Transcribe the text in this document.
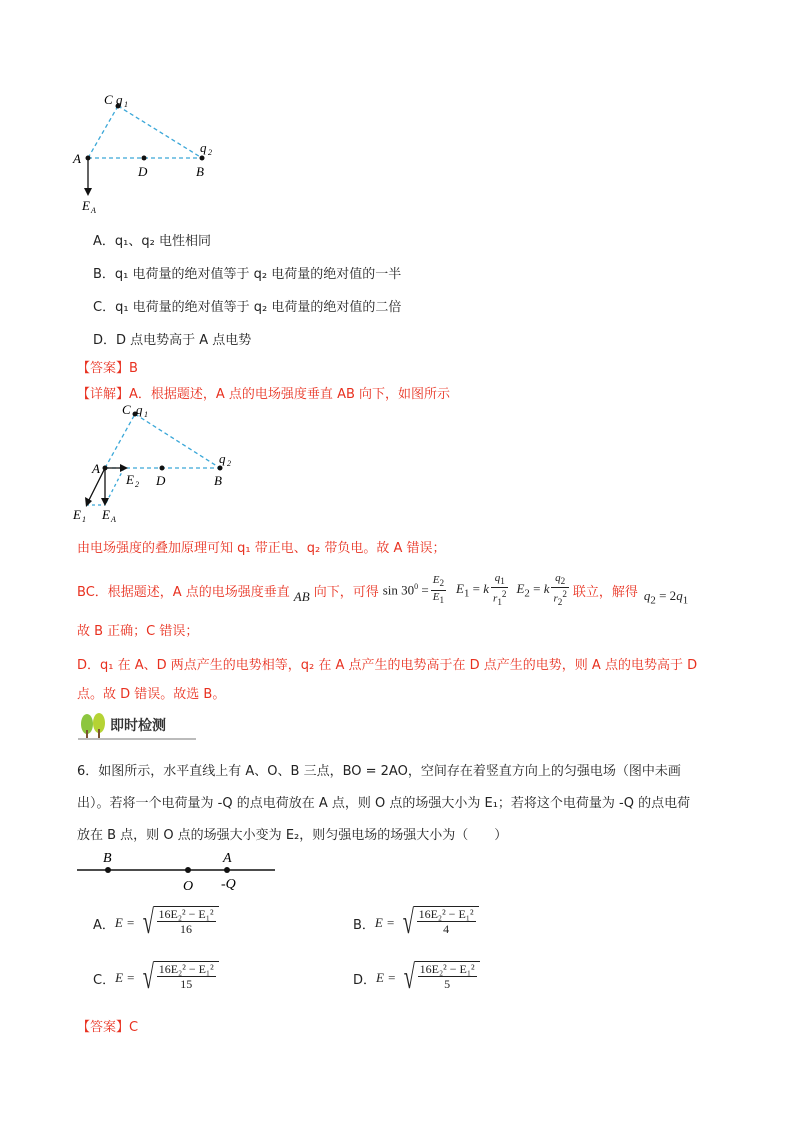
C q 1
q 2
A
D	B
E A
A．q₁、q₂ 电性相同
B．q₁ 电荷量的绝对值等于 q₂ 电荷量的绝对值的一半
C．q₁ 电荷量的绝对值等于 q₂ 电荷量的绝对值的二倍
D．D 点电势高于 A 点电势
【答案】B
【详解】A．根据题述，A 点的电场强度垂直 AB 向下，如图所示
C q 1
q 2
A
D	B
E 2
E 1 E A
由电场强度的叠加原理可知 q₁ 带正电、q₂ 带负电。故 A 错误；
BC．根据题述，A 点的电场强度垂直 AB 向下，可得 $\sin 30^0 = \frac{E_2}{E_1} E_1 = k \frac{q_1}{r_1^2} E_2 = k \frac{q_2}{r_2^2}$ 联立，解得 $q_2 = 2q_1$
故 B 正确；C 错误；
D．q₁ 在 A、D 两点产生的电势相等，q₂ 在 A 点产生的电势高于在 D 点产生的电势，则 A 点的电势高于 D
点。故 D 错误。故选 B。
即时检测
6．如图所示，水平直线上有 A、O、B 三点，BO = 2AO，空间存在着竖直方向上的匀强电场（图中未画
出）。若将一个电荷量为 -Q 的点电荷放在 A 点，则 O 点的场强大小为 E₁；若将这个电荷量为 -Q 的点电荷
放在 B 点，则 O 点的场强大小变为 E₂，则匀强电场的场强大小为（　　）
B
O
A
-Q
A． E = √ $\frac{\text{16E₂² − E₁²}}{16}$	B． E = √ $\frac{\text{16E₂² − E₁²}}{4}$
C． E = √ $\frac{\text{16E₂² − E₁²}}{15}$	D． E = √ $\frac{\text{16E₂² − E₁²}}{5}$
【答案】C
